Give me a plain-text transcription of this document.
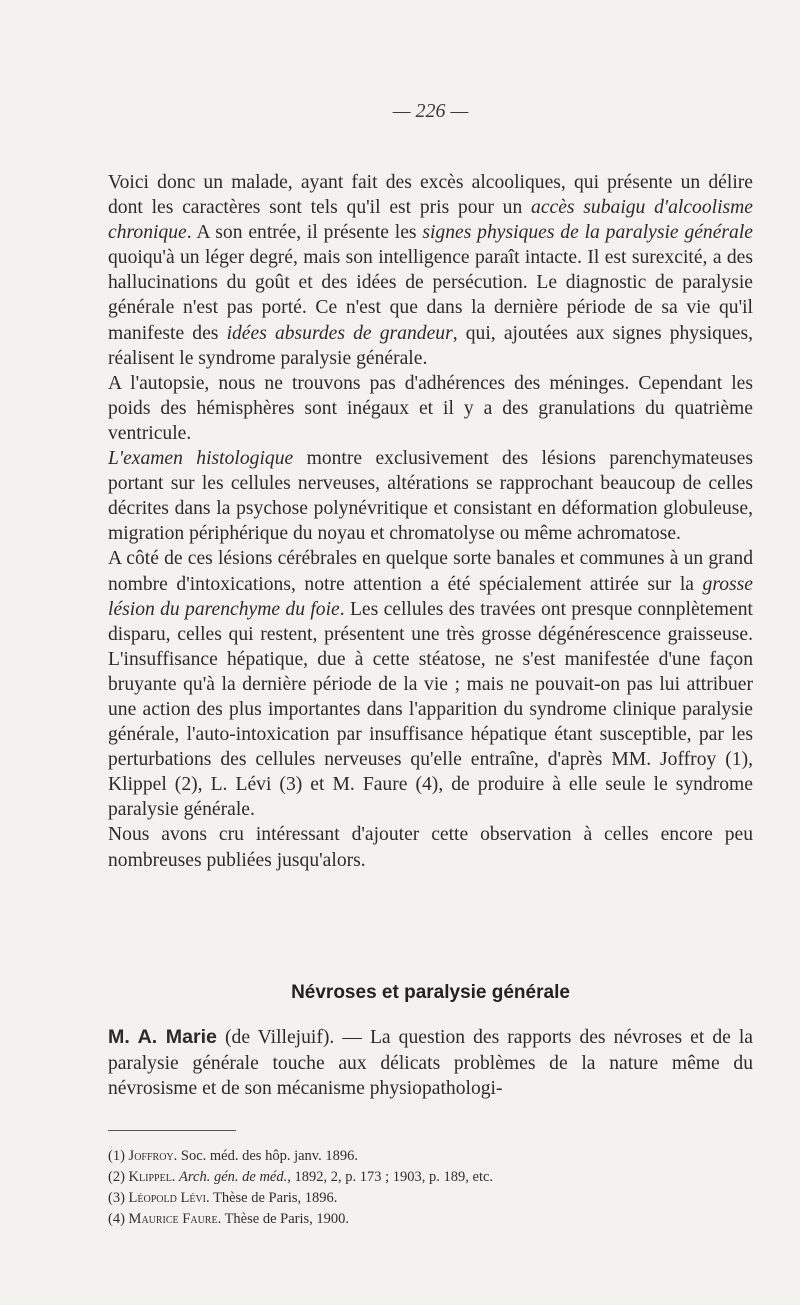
— 226 —

Voici donc un malade, ayant fait des excès alcooliques, qui présente un délire dont les caractères sont tels qu'il est pris pour un accès subaigu d'alcoolisme chronique. A son entrée, il présente les signes physiques de la paralysie générale quoiqu'à un léger degré, mais son intelligence paraît intacte. Il est surexcité, a des hallucinations du goût et des idées de persécution. Le diagnostic de paralysie générale n'est pas porté. Ce n'est que dans la dernière période de sa vie qu'il manifeste des idées absurdes de grandeur, qui, ajoutées aux signes physiques, réalisent le syndrome paralysie générale.

A l'autopsie, nous ne trouvons pas d'adhérences des méninges. Cependant les poids des hémisphères sont inégaux et il y a des granulations du quatrième ventricule.

L'examen histologique montre exclusivement des lésions parenchymateuses portant sur les cellules nerveuses, altérations se rapprochant beaucoup de celles décrites dans la psychose polynévritique et consistant en déformation globuleuse, migration périphérique du noyau et chromatolyse ou même achromatose.

A côté de ces lésions cérébrales en quelque sorte banales et communes à un grand nombre d'intoxications, notre attention a été spécialement attirée sur la grosse lésion du parenchyme du foie. Les cellules des travées ont presque connplètement disparu, celles qui restent, présentent une très grosse dégénérescence graisseuse. L'insuffisance hépatique, due à cette stéatose, ne s'est manifestée d'une façon bruyante qu'à la dernière période de la vie ; mais ne pouvait-on pas lui attribuer une action des plus importantes dans l'apparition du syndrome clinique paralysie générale, l'auto-intoxication par insuffisance hépatique étant susceptible, par les perturbations des cellules nerveuses qu'elle entraîne, d'après MM. Joffroy (1), Klippel (2), L. Lévi (3) et M. Faure (4), de produire à elle seule le syndrome paralysie générale.

Nous avons cru intéressant d'ajouter cette observation à celles encore peu nombreuses publiées jusqu'alors.

Névroses et paralysie générale

M. A. Marie (de Villejuif). — La question des rapports des névroses et de la paralysie générale touche aux délicats problèmes de la nature même du névrosisme et de son mécanisme physiopathologi-

(1) Joffroy. Soc. méd. des hôp. janv. 1896.

(2) Klippel. Arch. gén. de méd., 1892, 2, p. 173 ; 1903, p. 189, etc.

(3) Léopold Lévi. Thèse de Paris, 1896.

(4) Maurice Faure. Thèse de Paris, 1900.
